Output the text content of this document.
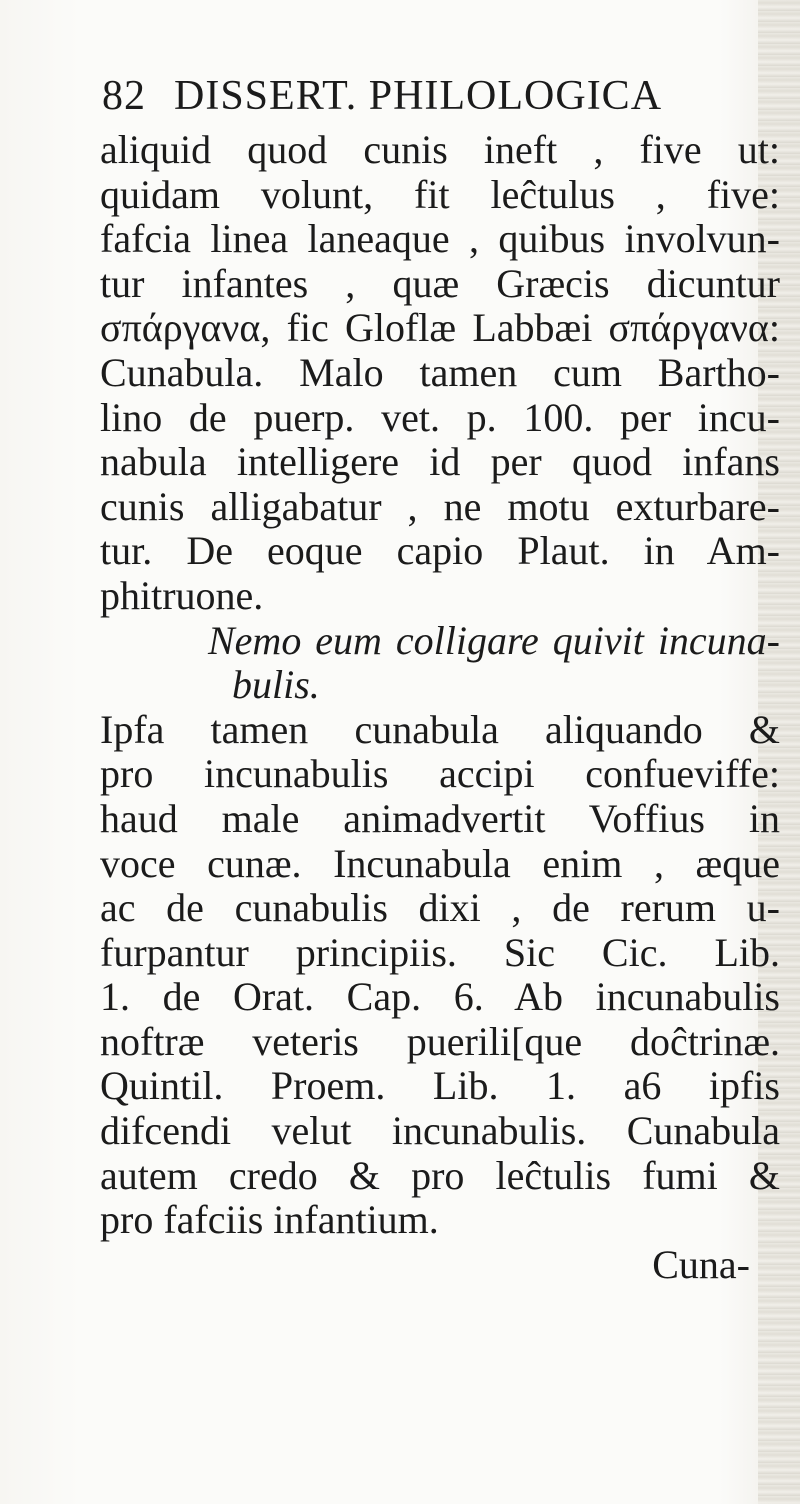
82 DISSERT. PHILOLOGICA
aliquid quod cunis ineft , five ut:
quidam volunt, fit leĉtulus , five:
fafcia linea laneaque , quibus involvun-
tur infantes , quæ Græcis dicuntur
σπάργανα, fic Gloflæ Labbæi σπάργανα:
Cunabula. Malo tamen cum Bartho-
lino de puerp. vet. p. 100. per incu-
nabula intelligere id per quod infans
cunis alligabatur , ne motu exturbare-
tur. De eoque capio Plaut. in Am-
phitruone.
Nemo eum colligare quivit incuna-
bulis.
Ipfa tamen cunabula aliquando &
pro incunabulis accipi confueviffe:
haud male animadvertit Voffius in
voce cunæ. Incunabula enim , æque
ac de cunabulis dixi , de rerum u-
furpantur principiis. Sic Cic. Lib.
1. de Orat. Cap. 6. Ab incunabulis
noftræ veteris puerili[que doĉtrinæ.
Quintil. Proem. Lib. 1. a6 ipfis
difcendi velut incunabulis. Cunabula
autem credo & pro leĉtulis fumi &
pro fafciis infantium.
Cuna-
